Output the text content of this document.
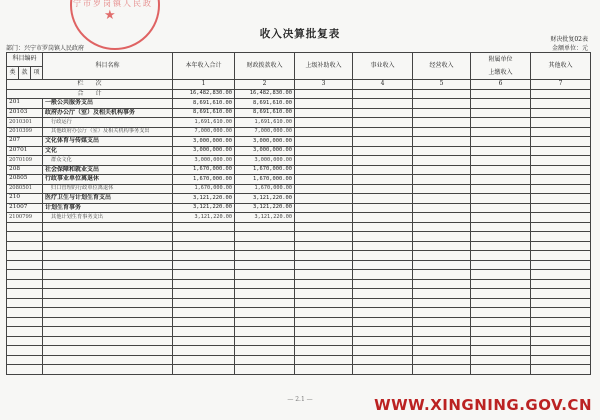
宁市罗岗镇人民政
★
收入决算批复表	财决批复02表
部门：兴宁市罗岗镇人民政府	金额单位：元
科目编码			科目名称	本年收入合计	财政拨款收入	上级补助收入	事业收入	经营收入	附属单位
上缴收入	其他收入
类	款	项								
栏　　次				1	2	3	4	5	6	7
合　　计				16,482,830.00	16,482,830.00					
201			一般公共服务支出	8,691,610.00	8,691,610.00					
20103			政府办公厅（室）及相关机构事务	8,691,610.00	8,691,610.00					
2010301			行政运行	1,691,610.00	1,691,610.00					
2010399			其他政府办公厅（室）及相关机构事务支出	7,000,000.00	7,000,000.00					
207			文化体育与传媒支出	3,000,000.00	3,000,000.00					
20701			文化	3,000,000.00	3,000,000.00					
2070109			群众文化	3,000,000.00	3,000,000.00					
208			社会保障和就业支出	1,670,000.00	1,670,000.00					
20805			行政事业单位离退休	1,670,000.00	1,670,000.00					
2080501			归口管理的行政单位离退休	1,670,000.00	1,670,000.00					
210			医疗卫生与计划生育支出	3,121,220.00	3,121,220.00					
21007			计划生育事务	3,121,220.00	3,121,220.00					
2100799			其他计划生育事务支出	3,121,220.00	3,121,220.00					

— 2.1 —	WWW.XINGNING.GOV.CN
